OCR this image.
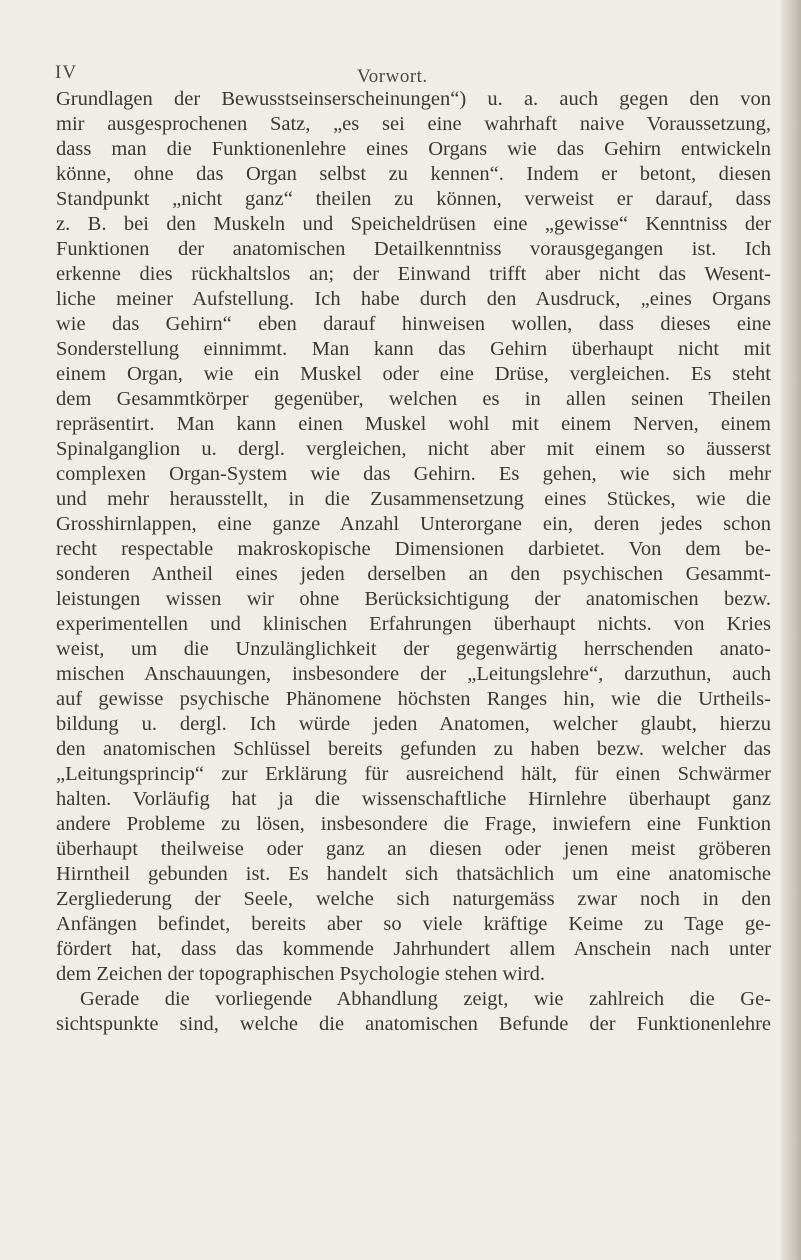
IV	Vorwort.

Grundlagen der Bewusstseinserscheinungen“) u. a. auch gegen den von
mir ausgesprochenen Satz, „es sei eine wahrhaft naive Voraussetzung,
dass man die Funktionenlehre eines Organs wie das Gehirn entwickeln
könne, ohne das Organ selbst zu kennen“. Indem er betont, diesen
Standpunkt „nicht ganz“ theilen zu können, verweist er darauf, dass
z. B. bei den Muskeln und Speicheldrüsen eine „gewisse“ Kenntniss der
Funktionen der anatomischen Detailkenntniss vorausgegangen ist. Ich
erkenne dies rückhaltslos an; der Einwand trifft aber nicht das Wesent-
liche meiner Aufstellung. Ich habe durch den Ausdruck, „eines Organs
wie das Gehirn“ eben darauf hinweisen wollen, dass dieses eine
Sonderstellung einnimmt. Man kann das Gehirn überhaupt nicht mit
einem Organ, wie ein Muskel oder eine Drüse, vergleichen. Es steht
dem Gesammtkörper gegenüber, welchen es in allen seinen Theilen
repräsentirt. Man kann einen Muskel wohl mit einem Nerven, einem
Spinalganglion u. dergl. vergleichen, nicht aber mit einem so äusserst
complexen Organ-System wie das Gehirn. Es gehen, wie sich mehr
und mehr herausstellt, in die Zusammensetzung eines Stückes, wie die
Grosshirnlappen, eine ganze Anzahl Unterorgane ein, deren jedes schon
recht respectable makroskopische Dimensionen darbietet. Von dem be-
sonderen Antheil eines jeden derselben an den psychischen Gesammt-
leistungen wissen wir ohne Berücksichtigung der anatomischen bezw.
experimentellen und klinischen Erfahrungen überhaupt nichts. von Kries
weist, um die Unzulänglichkeit der gegenwärtig herrschenden anato-
mischen Anschauungen, insbesondere der „Leitungslehre“, darzuthun, auch
auf gewisse psychische Phänomene höchsten Ranges hin, wie die Urtheils-
bildung u. dergl. Ich würde jeden Anatomen, welcher glaubt, hierzu
den anatomischen Schlüssel bereits gefunden zu haben bezw. welcher das
„Leitungsprincip“ zur Erklärung für ausreichend hält, für einen Schwärmer
halten. Vorläufig hat ja die wissenschaftliche Hirnlehre überhaupt ganz
andere Probleme zu lösen, insbesondere die Frage, inwiefern eine Funktion
überhaupt theilweise oder ganz an diesen oder jenen meist gröberen
Hirntheil gebunden ist. Es handelt sich thatsächlich um eine anatomische
Zergliederung der Seele, welche sich naturgemäss zwar noch in den
Anfängen befindet, bereits aber so viele kräftige Keime zu Tage ge-
fördert hat, dass das kommende Jahrhundert allem Anschein nach unter
dem Zeichen der topographischen Psychologie stehen wird.
Gerade die vorliegende Abhandlung zeigt, wie zahlreich die Ge-
sichtspunkte sind, welche die anatomischen Befunde der Funktionenlehre
